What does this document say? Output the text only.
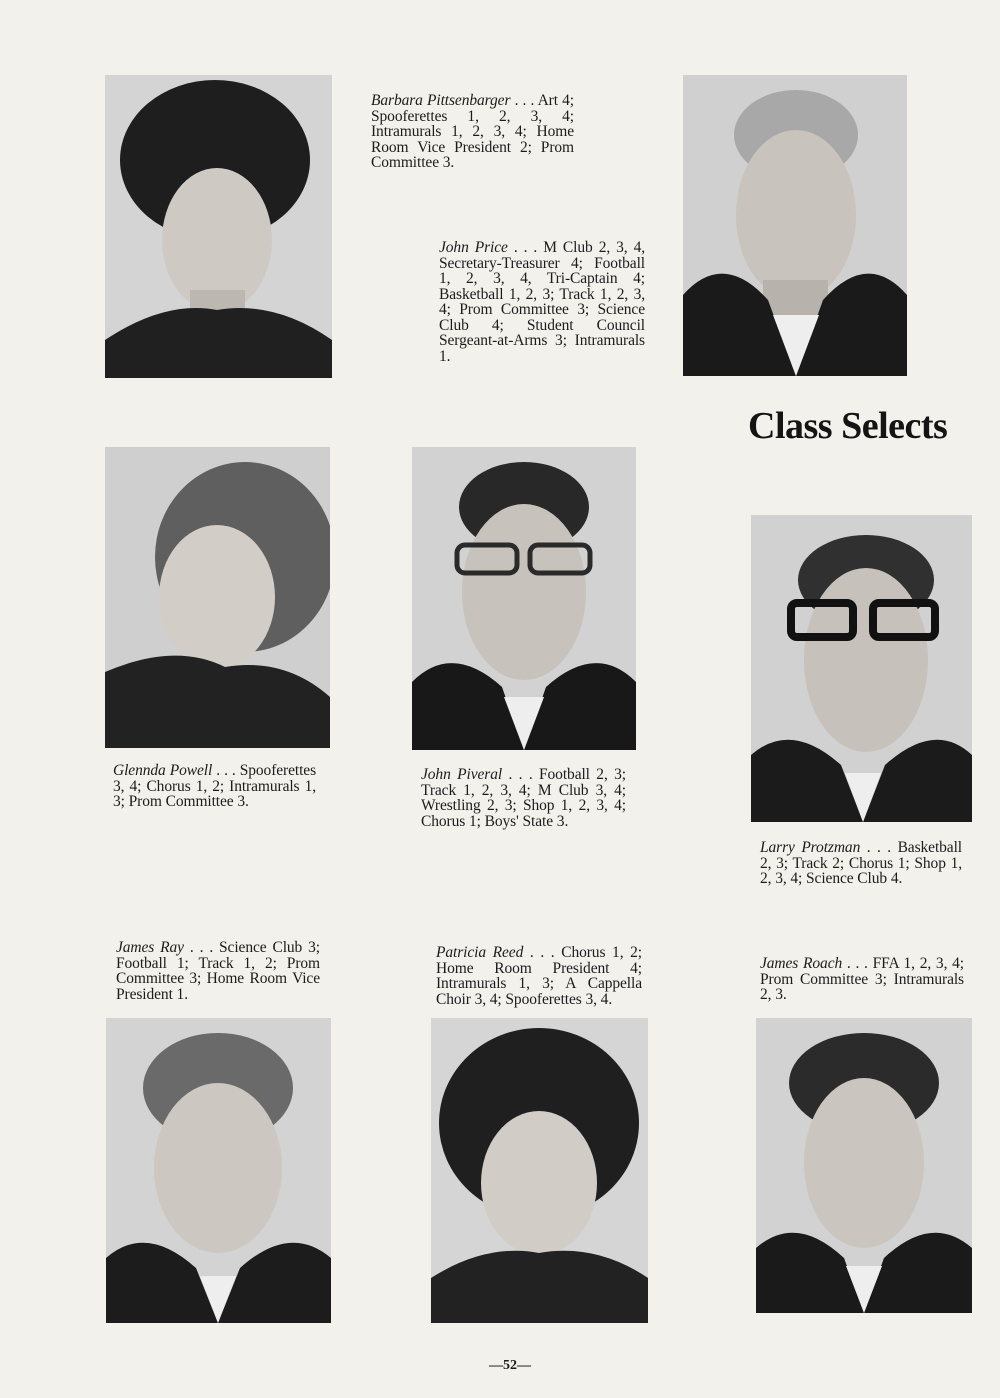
Barbara Pittsenbarger . . . Art 4; Spooferettes 1, 2, 3, 4; Intramurals 1, 2, 3, 4; Home Room Vice President 2; Prom Committee 3.
John Price . . . M Club 2, 3, 4, Secretary-Treasurer 4; Football 1, 2, 3, 4, Tri-Captain 4; Basketball 1, 2, 3; Track 1, 2, 3, 4; Prom Committee 3; Science Club 4; Student Council Sergeant-at-Arms 3; Intramurals 1.
Class Selects
Glennda Powell . . . Spooferettes 3, 4; Chorus 1, 2; Intramurals 1, 3; Prom Committee 3.
John Piveral . . . Football 2, 3; Track 1, 2, 3, 4; M Club 3, 4; Wrestling 2, 3; Shop 1, 2, 3, 4; Chorus 1; Boys' State 3.
Larry Protzman . . . Basketball 2, 3; Track 2; Chorus 1; Shop 1, 2, 3, 4; Science Club 4.
James Ray . . . Science Club 3; Football 1; Track 1, 2; Prom Committee 3; Home Room Vice President 1.
Patricia Reed . . . Chorus 1, 2; Home Room President 4; Intramurals 1, 3; A Cappella Choir 3, 4; Spooferettes 3, 4.
James Roach . . . FFA 1, 2, 3, 4; Prom Committee 3; Intramurals 2, 3.
—52—
